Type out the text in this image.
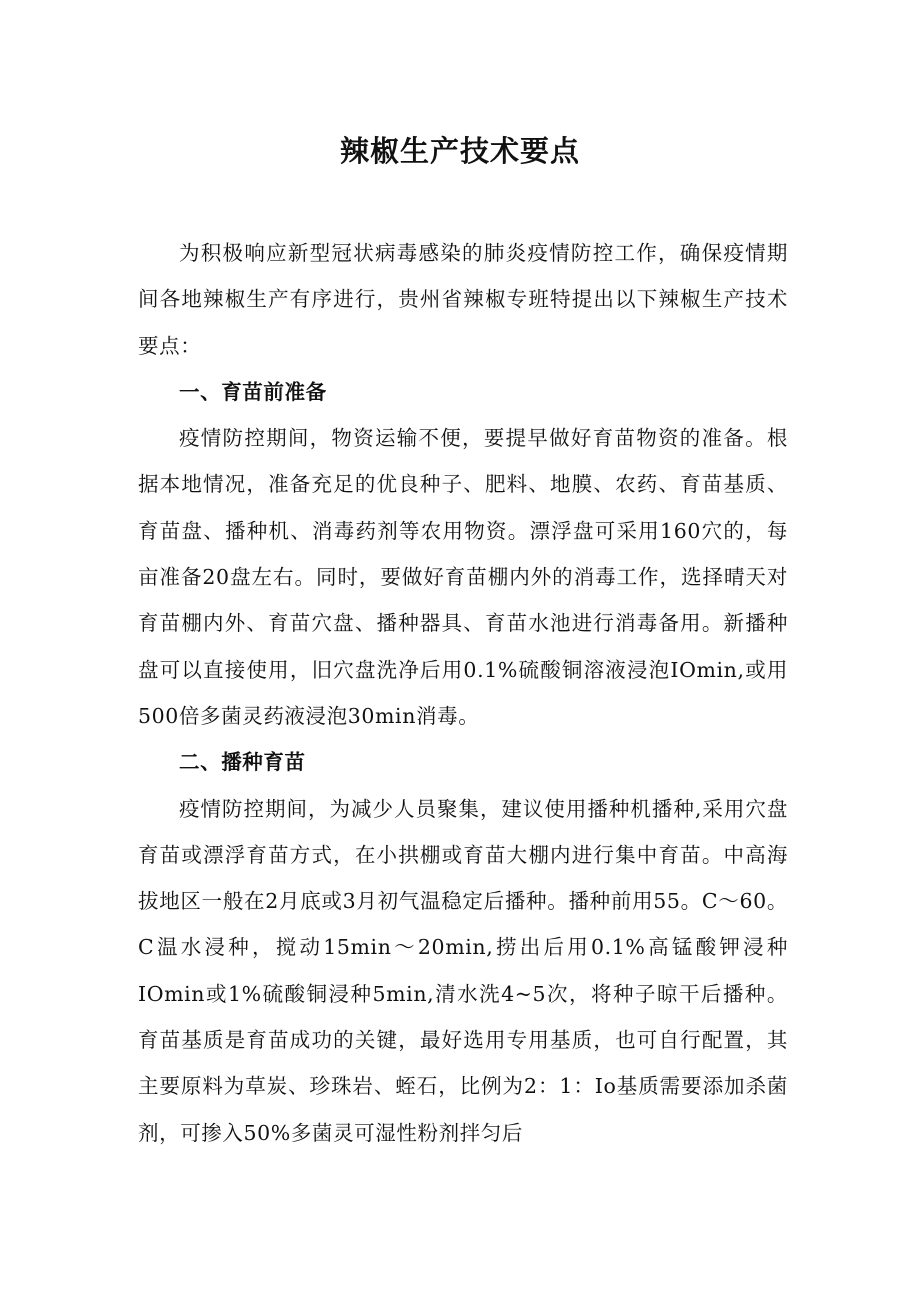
辣椒生产技术要点

为积极响应新型冠状病毒感染的肺炎疫情防控工作，确保疫情期间各地辣椒生产有序进行，贵州省辣椒专班特提出以下辣椒生产技术要点：

一、育苗前准备

疫情防控期间，物资运输不便，要提早做好育苗物资的准备。根据本地情况，准备充足的优良种子、肥料、地膜、农药、育苗基质、育苗盘、播种机、消毒药剂等农用物资。漂浮盘可采用160穴的，每亩准备20盘左右。同时，要做好育苗棚内外的消毒工作，选择晴天对育苗棚内外、育苗穴盘、播种器具、育苗水池进行消毒备用。新播种盘可以直接使用，旧穴盘洗净后用0.1%硫酸铜溶液浸泡IOmin,或用500倍多菌灵药液浸泡30min消毒。

二、播种育苗

疫情防控期间，为减少人员聚集，建议使用播种机播种,采用穴盘育苗或漂浮育苗方式，在小拱棚或育苗大棚内进行集中育苗。中高海拔地区一般在2月底或3月初气温稳定后播种。播种前用55。C～60。C温水浸种，搅动15min～20min,捞出后用0.1%高锰酸钾浸种IOmin或1%硫酸铜浸种5min,清水洗4~5次，将种子晾干后播种。育苗基质是育苗成功的关键，最好选用专用基质，也可自行配置，其主要原料为草炭、珍珠岩、蛭石，比例为2：1：Io基质需要添加杀菌剂，可掺入50%多菌灵可湿性粉剂拌匀后
